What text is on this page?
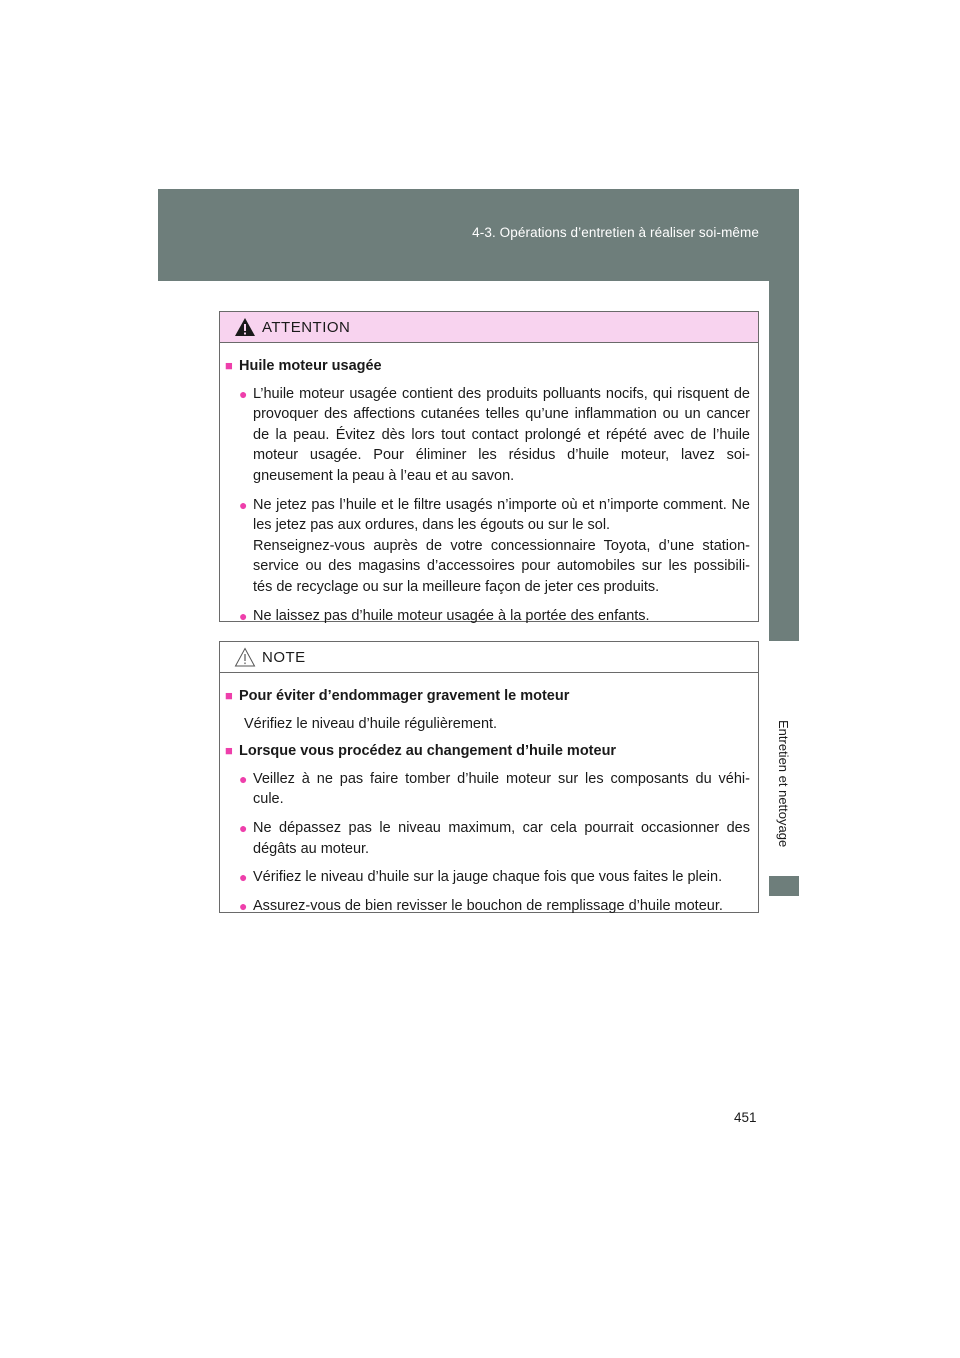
4-3. Opérations d’entretien à réaliser soi-même
4
Entretien et nettoyage
ATTENTION
■ Huile moteur usagée
● L’huile moteur usagée contient des produits polluants nocifs, qui risquent de provoquer des affections cutanées telles qu’une inflammation ou un cancer de la peau. Évitez dès lors tout contact prolongé et répété avec de l’huile moteur usagée. Pour éliminer les résidus d’huile moteur, lavez soi- gneusement la peau à l’eau et au savon.
● Ne jetez pas l’huile et le filtre usagés n’importe où et n’importe comment. Ne les jetez pas aux ordures, dans les égouts ou sur le sol.
Renseignez-vous auprès de votre concessionnaire Toyota, d’une station- service ou des magasins d’accessoires pour automobiles sur les possibili- tés de recyclage ou sur la meilleure façon de jeter ces produits.
● Ne laissez pas d’huile moteur usagée à la portée des enfants.
NOTE
■ Pour éviter d’endommager gravement le moteur
Vérifiez le niveau d’huile régulièrement.
■ Lorsque vous procédez au changement d’huile moteur
● Veillez à ne pas faire tomber d’huile moteur sur les composants du véhi- cule.
● Ne dépassez pas le niveau maximum, car cela pourrait occasionner des dégâts au moteur.
● Vérifiez le niveau d’huile sur la jauge chaque fois que vous faites le plein.
● Assurez-vous de bien revisser le bouchon de remplissage d’huile moteur.
451
